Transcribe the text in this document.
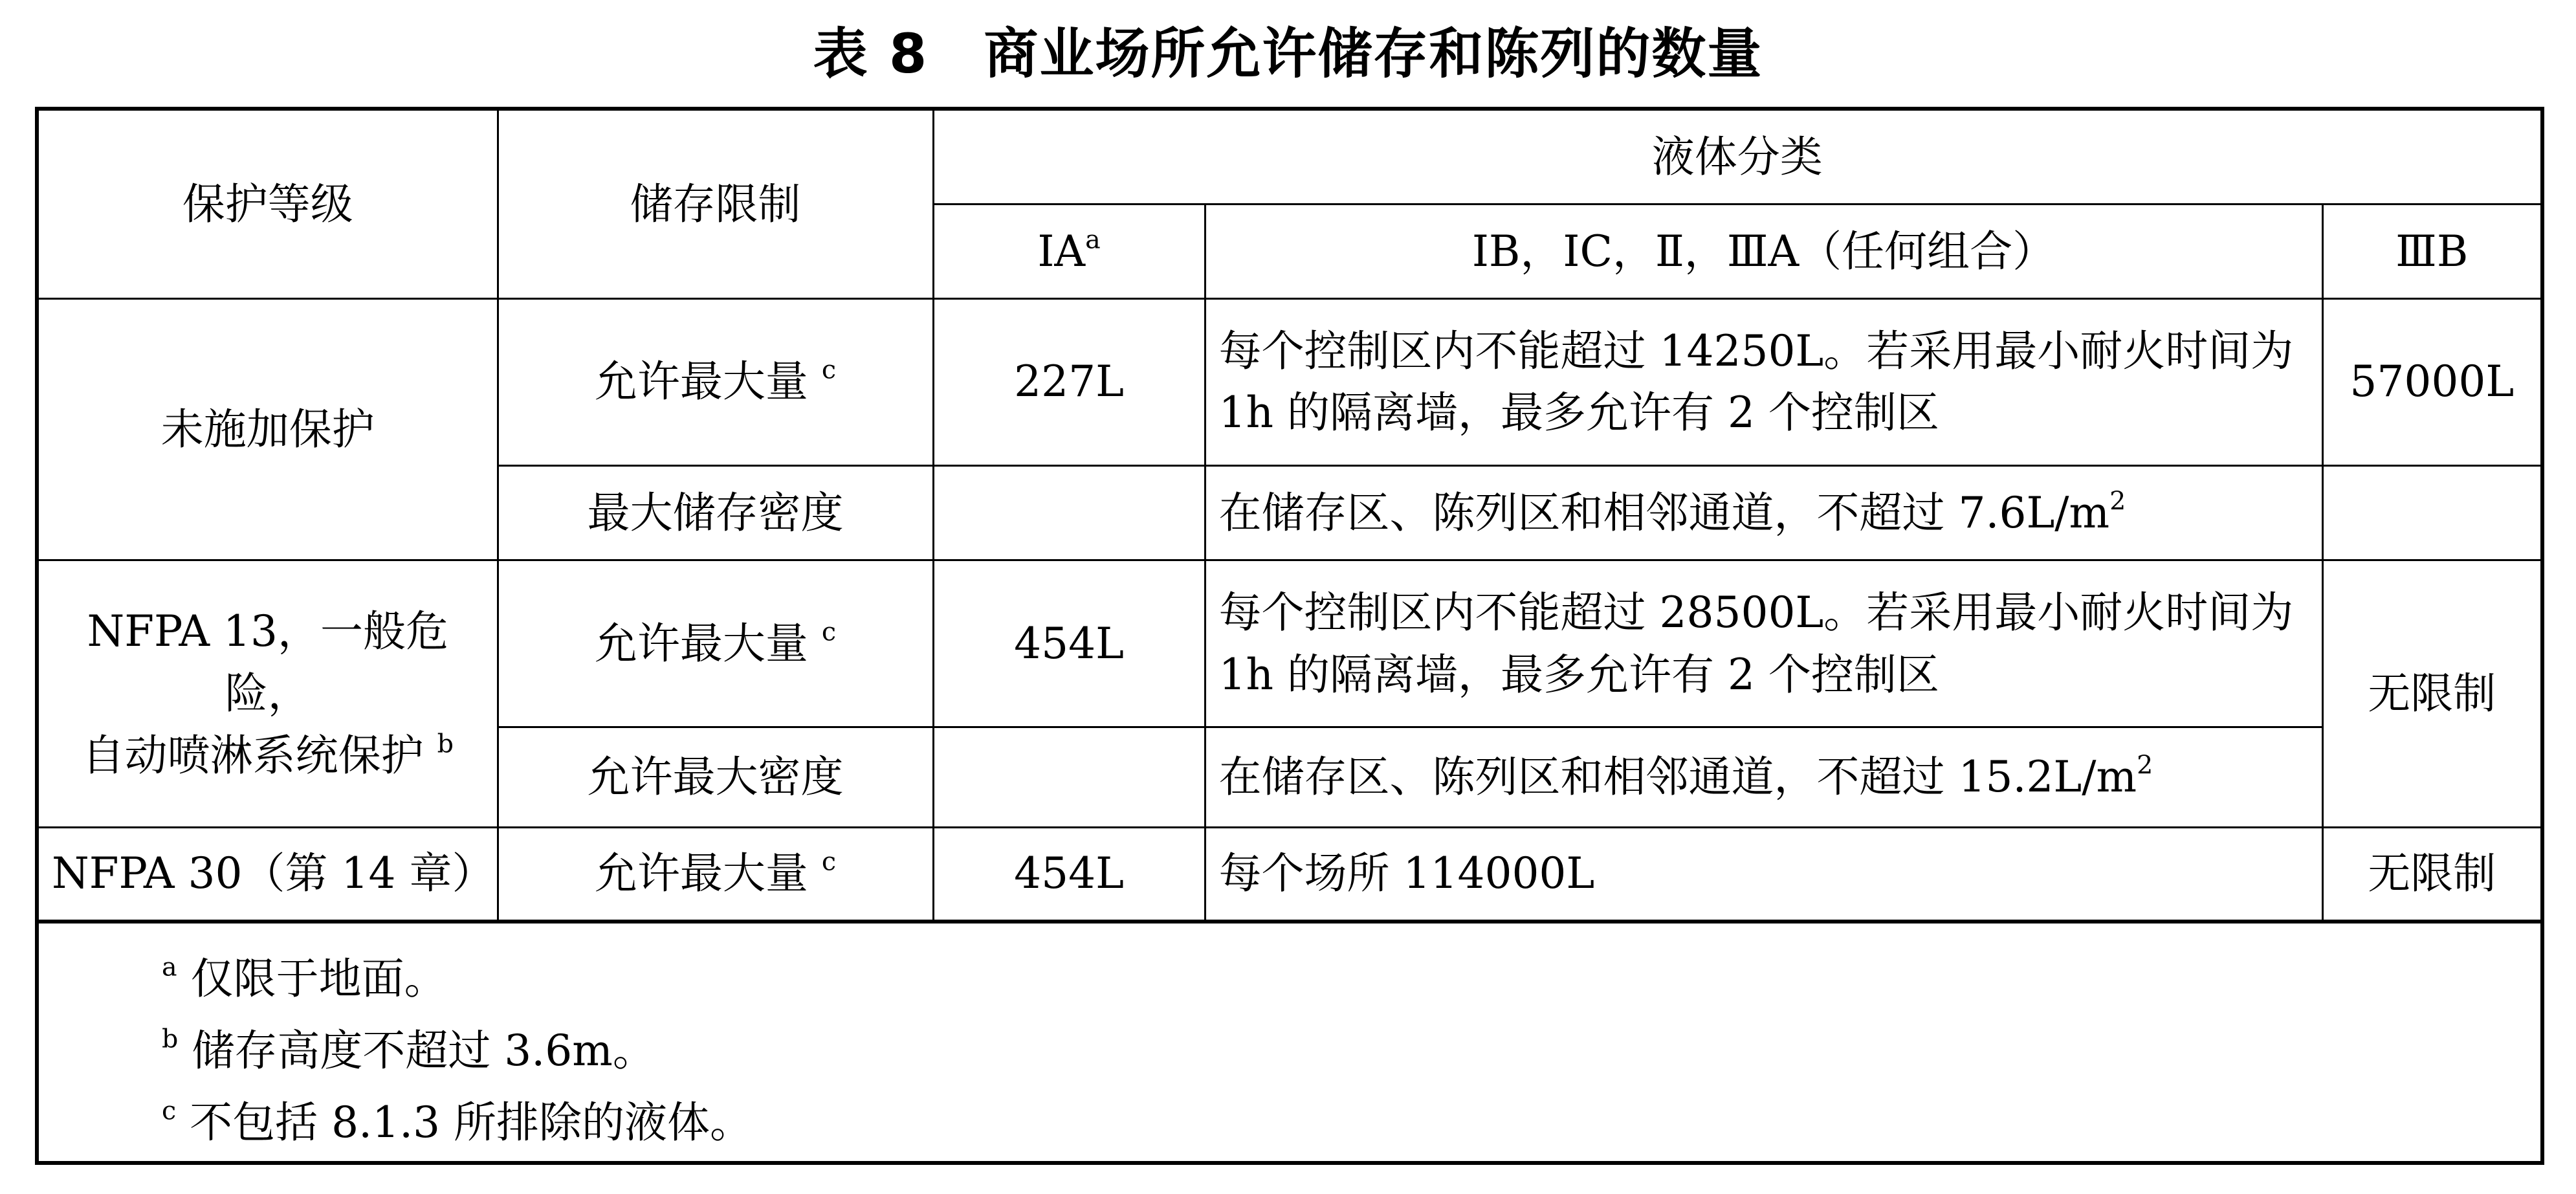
表 8　商业场所允许储存和陈列的数量
保护等级	储存限制	液体分类		
		$ⅠA^a$	ⅠB，ⅠC，Ⅱ，ⅢA（任何组合）	ⅢB
未施加保护	允许最大量 $^c$	227L	每个控制区内不能超过 14250L。若采用最小耐火时间为 1h 的隔离墙，最多允许有 2 个控制区	57000L
	最大储存密度		在储存区、陈列区和相邻通道，不超过 $7.6L/m^2$	
NFPA 13，一般危险，
自动喷淋系统保护 $^b$	允许最大量 $^c$	454L	每个控制区内不能超过 28500L。若采用最小耐火时间为 1h 的隔离墙，最多允许有 2 个控制区	无限制
	允许最大密度		在储存区、陈列区和相邻通道，不超过 $15.2L/m^2$
NFPA 30（第 14 章）	允许最大量 $^c$	454L	每个场所 114000L	无限制
$^a$ 仅限于地面。
$^b$ 储存高度不超过 3.6m。
$^c$ 不包括 8.1.3 所排除的液体。
